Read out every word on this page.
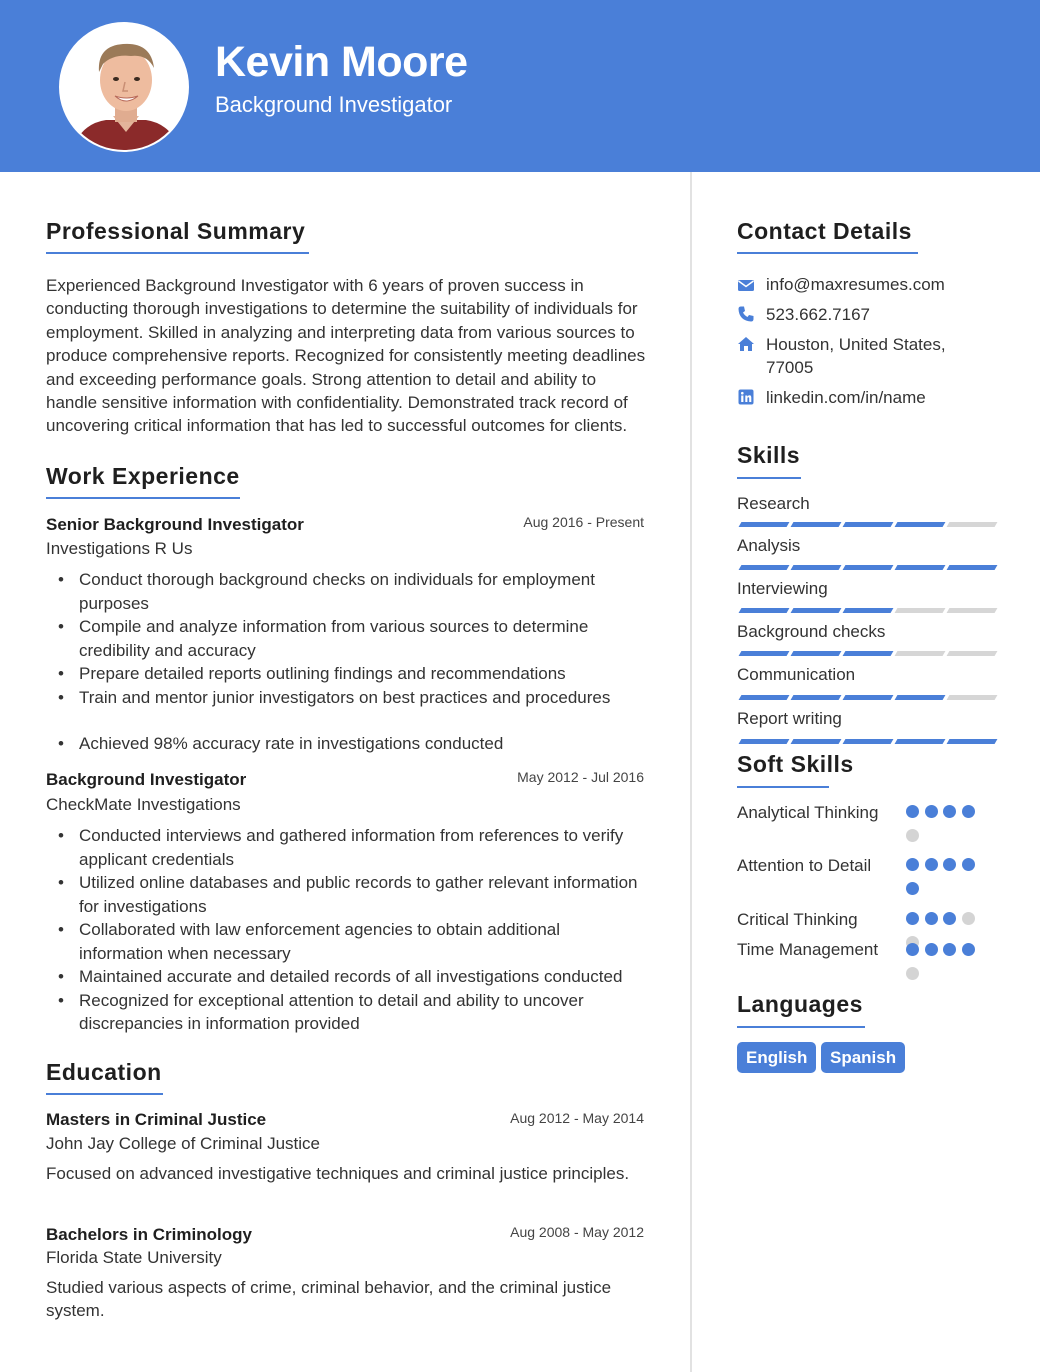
Kevin Moore
Background Investigator
Professional Summary
Experienced Background Investigator with 6 years of proven success in conducting thorough investigations to determine the suitability of individuals for employment. Skilled in analyzing and interpreting data from various sources to produce comprehensive reports. Recognized for consistently meeting deadlines and exceeding performance goals. Strong attention to detail and ability to handle sensitive information with confidentiality. Demonstrated track record of uncovering critical information that has led to successful outcomes for clients.
Work Experience
Senior Background Investigator	Aug 2016 - Present
Investigations R Us
• Conduct thorough background checks on individuals for employment purposes
• Compile and analyze information from various sources to determine credibility and accuracy
• Prepare detailed reports outlining findings and recommendations
• Train and mentor junior investigators on best practices and procedures
• Achieved 98% accuracy rate in investigations conducted
Background Investigator	May 2012 - Jul 2016
CheckMate Investigations
• Conducted interviews and gathered information from references to verify applicant credentials
• Utilized online databases and public records to gather relevant information for investigations
• Collaborated with law enforcement agencies to obtain additional information when necessary
• Maintained accurate and detailed records of all investigations conducted
• Recognized for exceptional attention to detail and ability to uncover discrepancies in information provided
Education
Masters in Criminal Justice	Aug 2012 - May 2014
John Jay College of Criminal Justice
Focused on advanced investigative techniques and criminal justice principles.
Bachelors in Criminology	Aug 2008 - May 2012
Florida State University
Studied various aspects of crime, criminal behavior, and the criminal justice system.
Contact Details
info@maxresumes.com
523.662.7167
Houston, United States, 77005
linkedin.com/in/name
Skills
Research
Analysis
Interviewing
Background checks
Communication
Report writing
Soft Skills
Analytical Thinking
Attention to Detail
Critical Thinking
Time Management
Languages
English	Spanish
